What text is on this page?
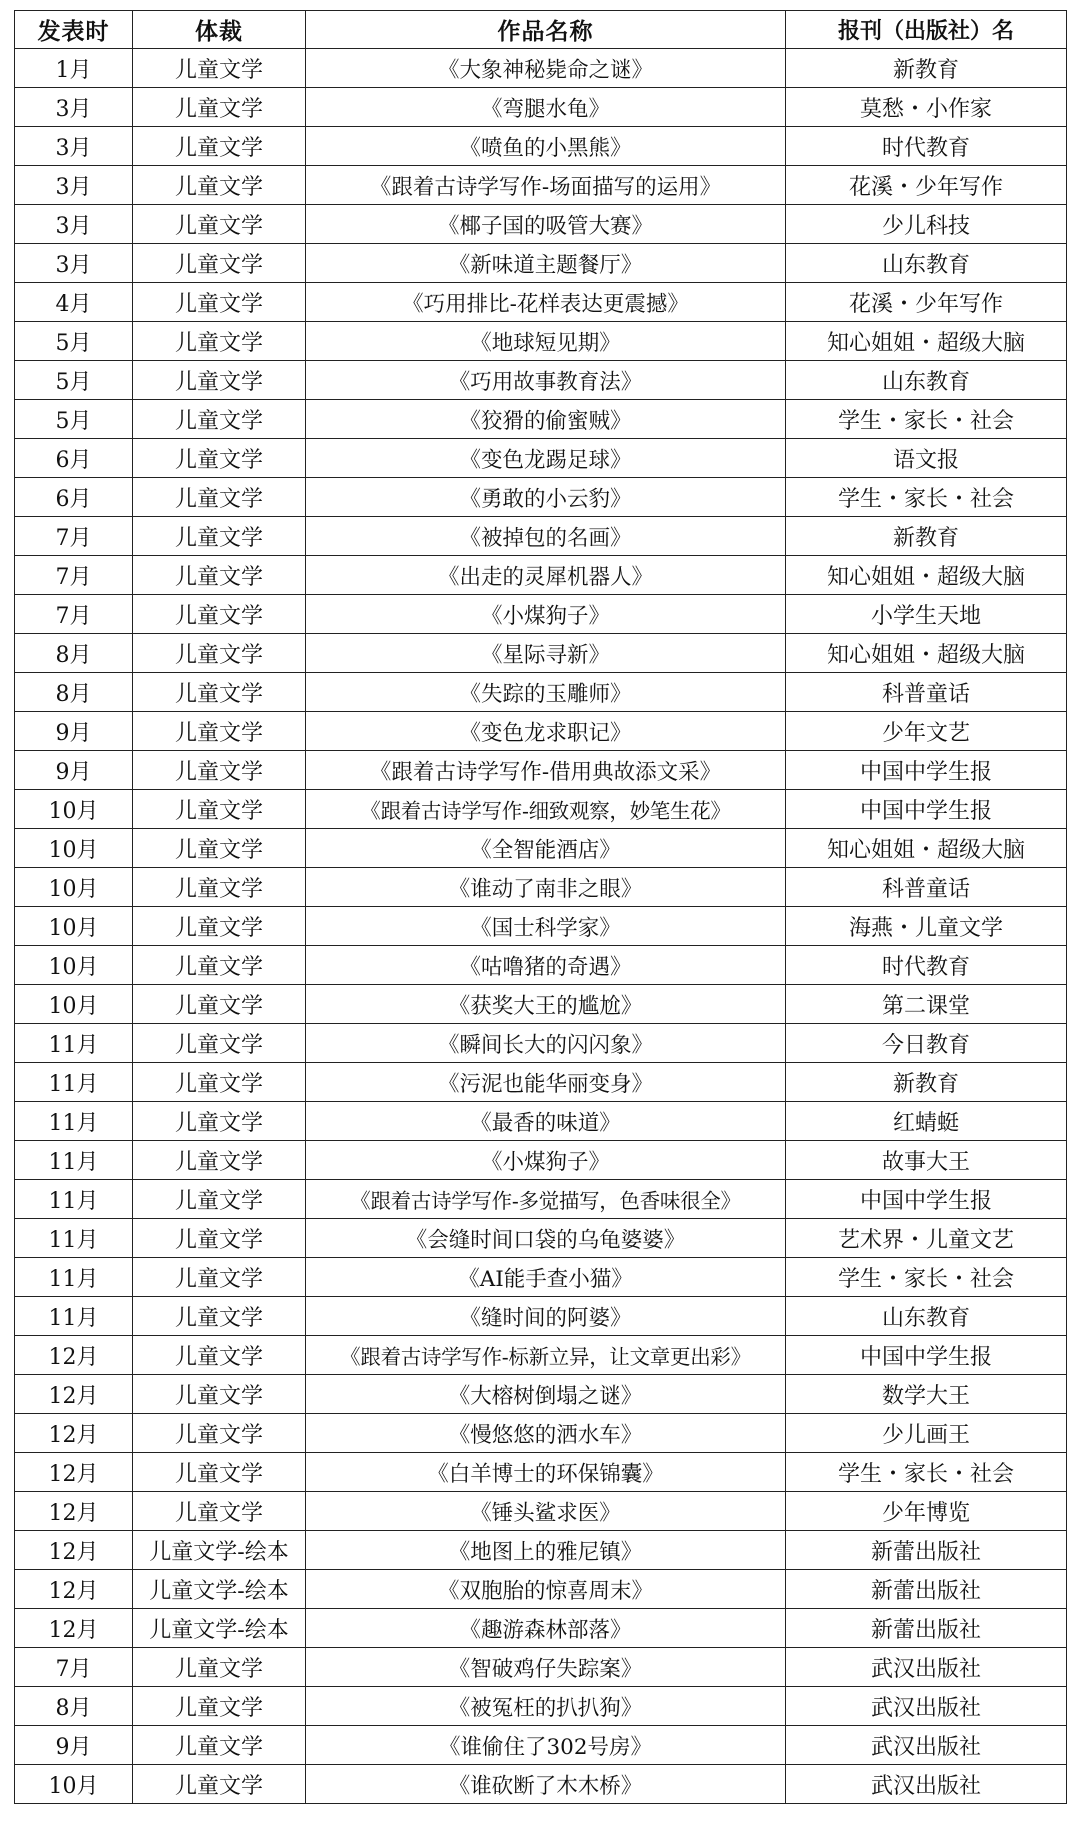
发表时	体裁	作品名称	报刊（出版社）名
1月	儿童文学	《大象神秘毙命之谜》	新教育
3月	儿童文学	《弯腿水龟》	莫愁・小作家
3月	儿童文学	《喷鱼的小黑熊》	时代教育
3月	儿童文学	《跟着古诗学写作-场面描写的运用》	花溪・少年写作
3月	儿童文学	《椰子国的吸管大赛》	少儿科技
3月	儿童文学	《新味道主题餐厅》	山东教育
4月	儿童文学	《巧用排比-花样表达更震撼》	花溪・少年写作
5月	儿童文学	《地球短见期》	知心姐姐・超级大脑
5月	儿童文学	《巧用故事教育法》	山东教育
5月	儿童文学	《狡猾的偷蜜贼》	学生・家长・社会
6月	儿童文学	《变色龙踢足球》	语文报
6月	儿童文学	《勇敢的小云豹》	学生・家长・社会
7月	儿童文学	《被掉包的名画》	新教育
7月	儿童文学	《出走的灵犀机器人》	知心姐姐・超级大脑
7月	儿童文学	《小煤狗子》	小学生天地
8月	儿童文学	《星际寻新》	知心姐姐・超级大脑
8月	儿童文学	《失踪的玉雕师》	科普童话
9月	儿童文学	《变色龙求职记》	少年文艺
9月	儿童文学	《跟着古诗学写作-借用典故添文采》	中国中学生报
10月	儿童文学	《跟着古诗学写作-细致观察，妙笔生花》	中国中学生报
10月	儿童文学	《全智能酒店》	知心姐姐・超级大脑
10月	儿童文学	《谁动了南非之眼》	科普童话
10月	儿童文学	《国士科学家》	海燕・儿童文学
10月	儿童文学	《咕噜猪的奇遇》	时代教育
10月	儿童文学	《获奖大王的尴尬》	第二课堂
11月	儿童文学	《瞬间长大的闪闪象》	今日教育
11月	儿童文学	《污泥也能华丽变身》	新教育
11月	儿童文学	《最香的味道》	红蜻蜓
11月	儿童文学	《小煤狗子》	故事大王
11月	儿童文学	《跟着古诗学写作-多觉描写，色香味很全》	中国中学生报
11月	儿童文学	《会缝时间口袋的乌龟婆婆》	艺术界・儿童文艺
11月	儿童文学	《AI能手查小猫》	学生・家长・社会
11月	儿童文学	《缝时间的阿婆》	山东教育
12月	儿童文学	《跟着古诗学写作-标新立异，让文章更出彩》	中国中学生报
12月	儿童文学	《大榕树倒塌之谜》	数学大王
12月	儿童文学	《慢悠悠的洒水车》	少儿画王
12月	儿童文学	《白羊博士的环保锦囊》	学生・家长・社会
12月	儿童文学	《锤头鲨求医》	少年博览
12月	儿童文学-绘本	《地图上的雅尼镇》	新蕾出版社
12月	儿童文学-绘本	《双胞胎的惊喜周末》	新蕾出版社
12月	儿童文学-绘本	《趣游森林部落》	新蕾出版社
7月	儿童文学	《智破鸡仔失踪案》	武汉出版社
8月	儿童文学	《被冤枉的扒扒狗》	武汉出版社
9月	儿童文学	《谁偷住了302号房》	武汉出版社
10月	儿童文学	《谁砍断了木木桥》	武汉出版社
